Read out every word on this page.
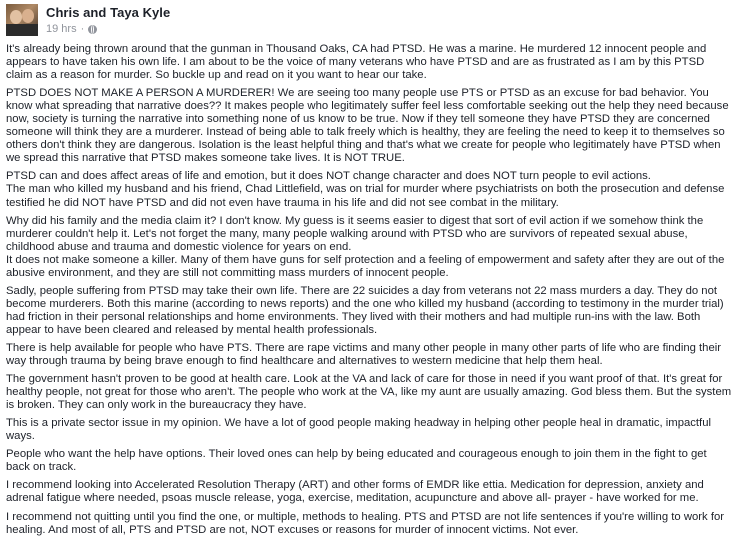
Chris and Taya Kyle
19 hrs ·

It's already being thrown around that the gunman in Thousand Oaks, CA had PTSD. He was a marine. He murdered 12 innocent people and appears to have taken his own life. I am about to be the voice of many veterans who have PTSD and are as frustrated as I am by this PTSD claim as a reason for murder. So buckle up and read on it you want to hear our take.

PTSD DOES NOT MAKE A PERSON A MURDERER! We are seeing too many people use PTS or PTSD as an excuse for bad behavior. You know what spreading that narrative does?? It makes people who legitimately suffer feel less comfortable seeking out the help they need because now, society is turning the narrative into something none of us know to be true. Now if they tell someone they have PTSD they are concerned someone will think they are a murderer. Instead of being able to talk freely which is healthy, they are feeling the need to keep it to themselves so others don't think they are dangerous. Isolation is the least helpful thing and that's what we create for people who legitimately have PTSD when we spread this narrative that PTSD makes someone take lives. It is NOT TRUE.

PTSD can and does affect areas of life and emotion, but it does NOT change character and does NOT turn people to evil actions.

The man who killed my husband and his friend, Chad Littlefield, was on trial for murder where psychiatrists on both the prosecution and defense testified he did NOT have PTSD and did not even have trauma in his life and did not see combat in the military.

Why did his family and the media claim it? I don't know. My guess is it seems easier to digest that sort of evil action if we somehow think the murderer couldn't help it. Let's not forget the many, many people walking around with PTSD who are survivors of repeated sexual abuse, childhood abuse and trauma and domestic violence for years on end.

It does not make someone a killer. Many of them have guns for self protection and a feeling of empowerment and safety after they are out of the abusive environment, and they are still not committing mass murders of innocent people.

Sadly, people suffering from PTSD may take their own life. There are 22 suicides a day from veterans not 22 mass murders a day. They do not become murderers. Both this marine (according to news reports) and the one who killed my husband (according to testimony in the murder trial) had friction in their personal relationships and home environments. They lived with their mothers and had multiple run-ins with the law. Both appear to have been cleared and released by mental health professionals.

There is help available for people who have PTS. There are rape victims and many other people in many other parts of life who are finding their way through trauma by being brave enough to find healthcare and alternatives to western medicine that help them heal.

The government hasn't proven to be good at health care. Look at the VA and lack of care for those in need if you want proof of that. It's great for healthy people, not great for those who aren't. The people who work at the VA, like my aunt are usually amazing. God bless them. But the system is broken. They can only work in the bureaucracy they have.

This is a private sector issue in my opinion. We have a lot of good people making headway in helping other people heal in dramatic, impactful ways.

People who want the help have options. Their loved ones can help by being educated and courageous enough to join them in the fight to get back on track.

I recommend looking into Accelerated Resolution Therapy (ART) and other forms of EMDR like ettia. Medication for depression, anxiety and adrenal fatigue where needed, psoas muscle release, yoga, exercise, meditation, acupuncture and above all- prayer - have worked for me.

I recommend not quitting until you find the one, or multiple, methods to healing. PTS and PTSD are not life sentences if you're willing to work for healing. And most of all, PTS and PTSD are not, NOT excuses or reasons for murder of innocent victims. Not ever.
